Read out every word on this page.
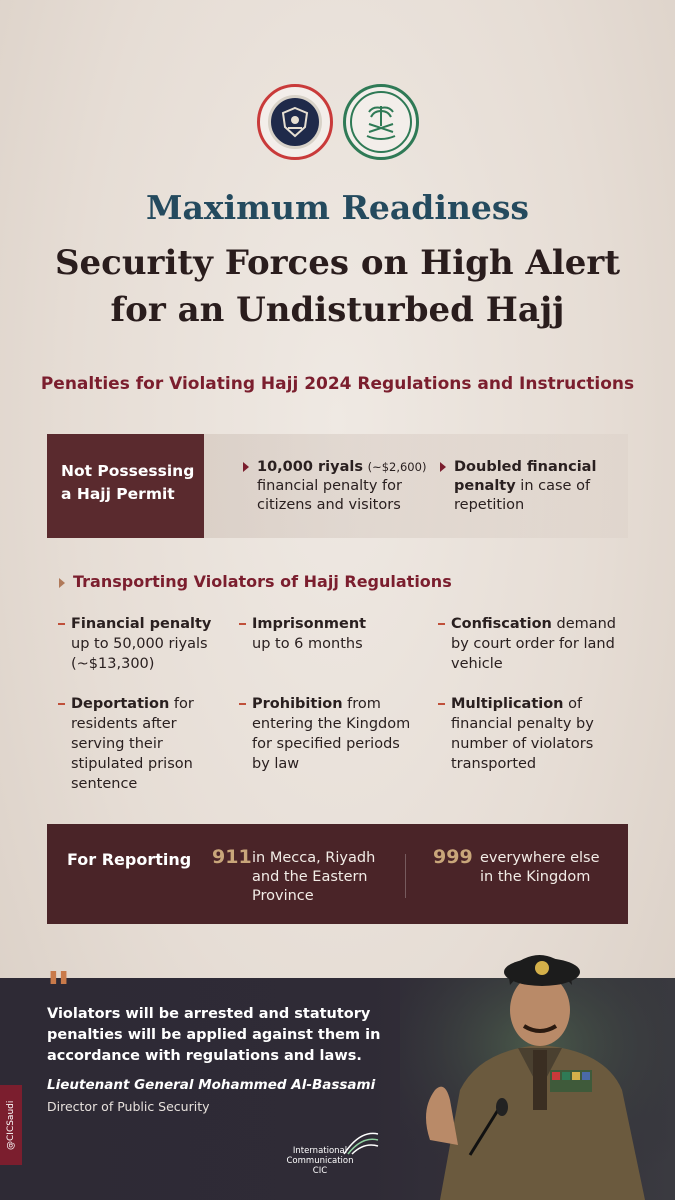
Maximum Readiness
Security Forces on High Alert
for an Undisturbed Hajj
Penalties for Violating Hajj 2024 Regulations and Instructions
Not Possessing
a Hajj Permit
10,000 riyals (~$2,600)
financial penalty for
citizens and visitors
Doubled financial
penalty in case of
repetition
Transporting Violators of Hajj Regulations
Financial penalty
up to 50,000 riyals
(~$13,300)
Imprisonment
up to 6 months
Confiscation demand
by court order for land
vehicle
Deportation for
residents after
serving their
stipulated prison
sentence
Prohibition from
entering the Kingdom
for specified periods
by law
Multiplication of
financial penalty by
number of violators
transported
For Reporting 911 in Mecca, Riyadh
and the Eastern
Province
999 everywhere else
in the Kingdom
"
Violators will be arrested and statutory
penalties will be applied against them in
accordance with regulations and laws.
Lieutenant General Mohammed Al-Bassami
Director of Public Security
@CICSaudi
International
Communication
CIC
